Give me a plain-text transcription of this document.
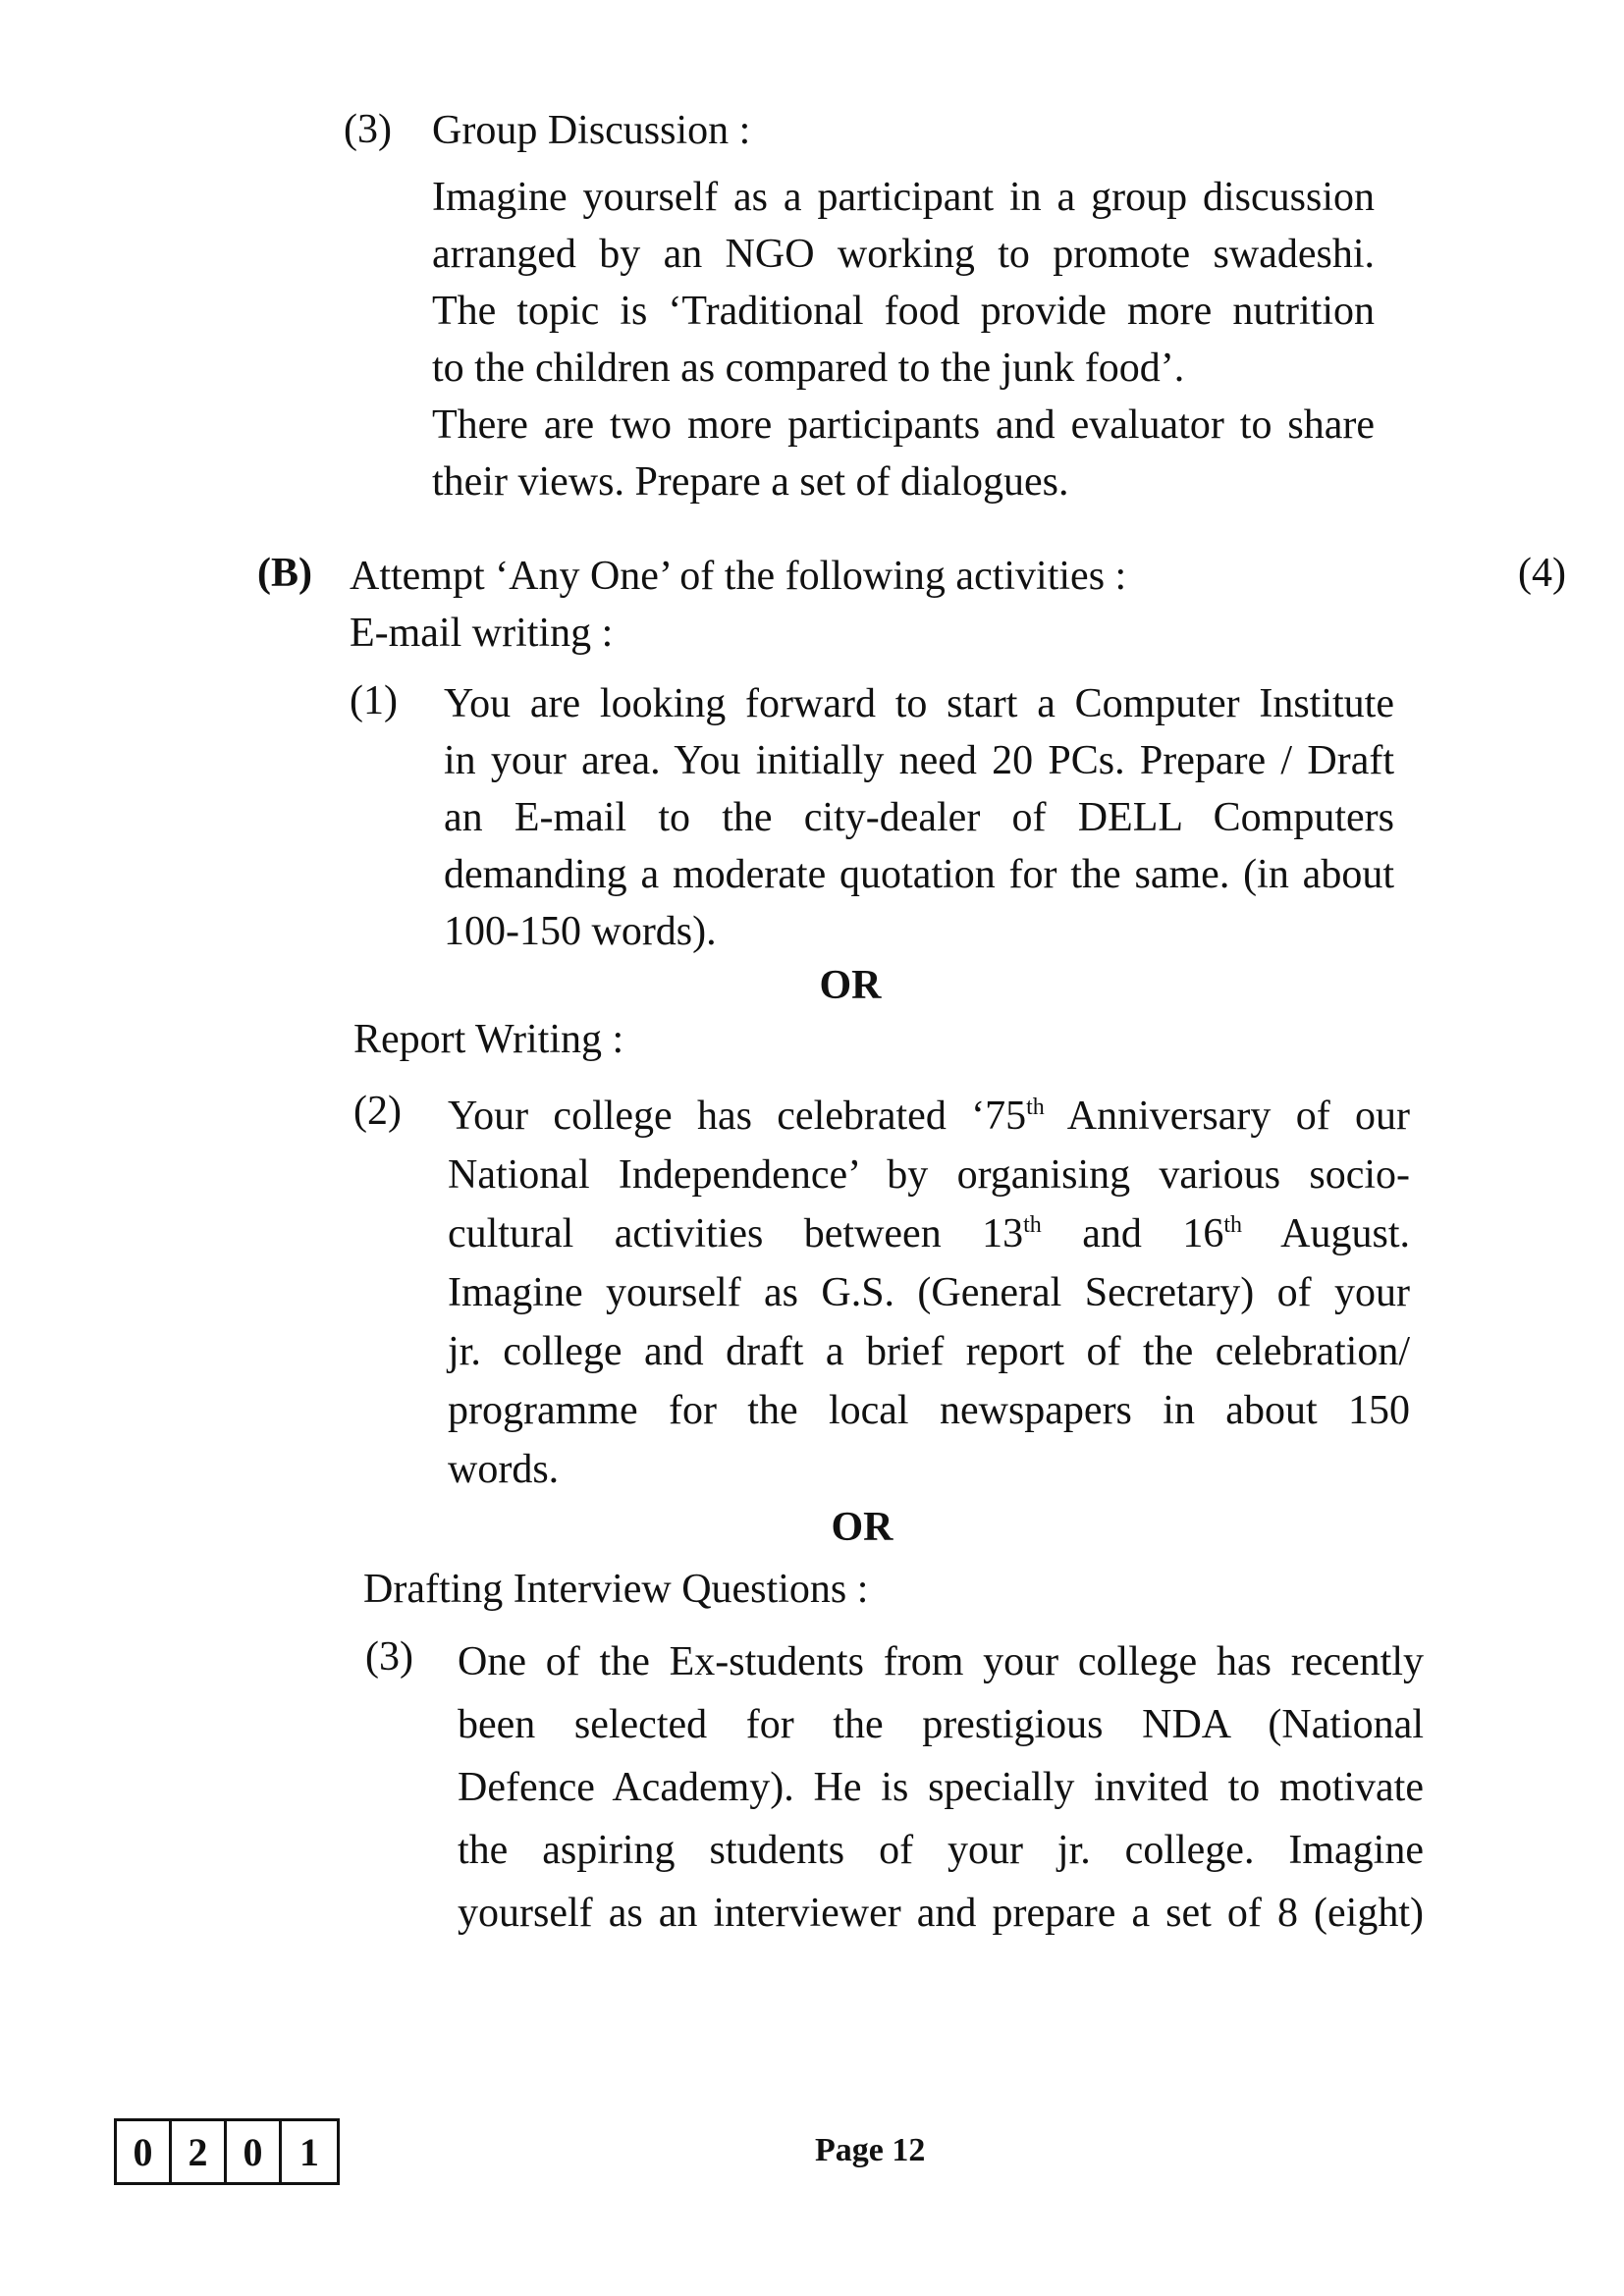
(3) Group Discussion :
Imagine yourself as a participant in a group discussion
arranged by an NGO working to promote swadeshi.
The topic is ‘Traditional food provide more nutrition
to the children as compared to the junk food’.
There are two more participants and evaluator to share
their views. Prepare a set of dialogues.
(B) Attempt ‘Any One’ of the following activities :	(4)
E-mail writing :
(1) You are looking forward to start a Computer Institute
in your area. You initially need 20 PCs. Prepare / Draft
an E-mail to the city-dealer of DELL Computers
demanding a moderate quotation for the same. (in about
100-150 words).
OR
Report Writing :
(2) Your college has celebrated ‘75th Anniversary of our
National Independence’ by organising various socio-
cultural activities between 13th and 16th August.
Imagine yourself as G.S. (General Secretary) of your
jr. college and draft a brief report of the celebration/
programme for the local newspapers in about 150
words.
OR
Drafting Interview Questions :
(3) One of the Ex-students from your college has recently
been selected for the prestigious NDA (National
Defence Academy). He is specially invited to motivate
the aspiring students of your jr. college. Imagine
yourself as an interviewer and prepare a set of 8 (eight)
0 2 0 1	Page 12
